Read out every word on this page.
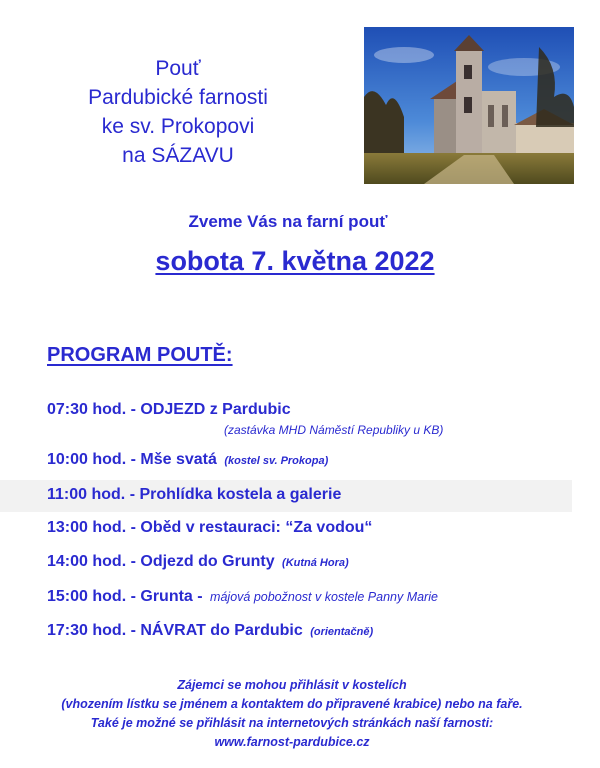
Pouť
Pardubické farnosti
ke sv. Prokopovi
na SÁZAVU
Zveme Vás na farní pouť
sobota 7. května 2022
PROGRAM POUTĚ:
07:30 hod. - ODJEZD z Pardubic
(zastávka MHD Náměstí Republiky u KB)
10:00 hod. - Mše svatá (kostel sv. Prokopa)
11:00 hod. - Prohlídka kostela a galerie
13:00 hod. - Oběd v restauraci: “Za vodou“
14:00 hod. - Odjezd do Grunty (Kutná Hora)
15:00 hod. - Grunta - májová pobožnost v kostele Panny Marie
17:30 hod. - NÁVRAT do Pardubic (orientačně)
Zájemci se mohou přihlásit v kostelích
(vhozením lístku se jménem a kontaktem do připravené krabice) nebo na faře.
Také je možné se přihlásit na internetových stránkách naší farnosti:
www.farnost-pardubice.cz
